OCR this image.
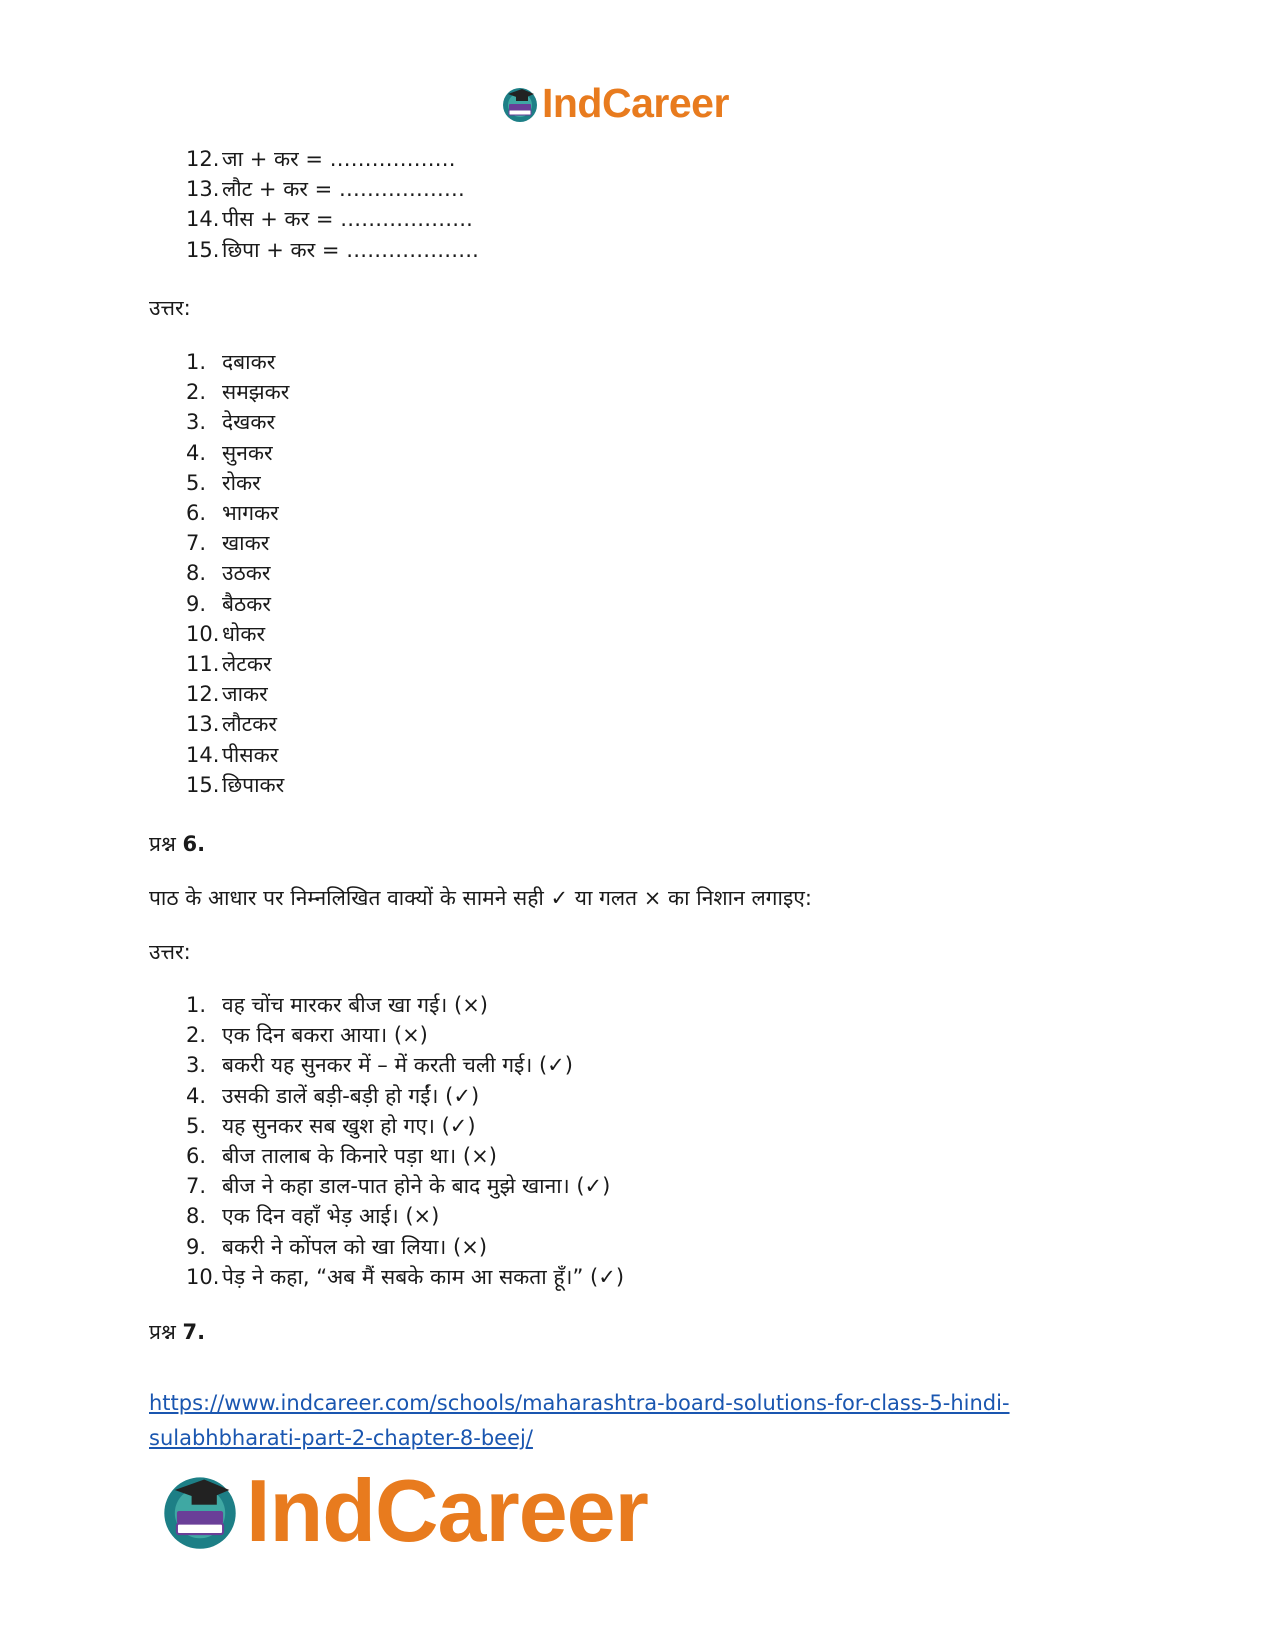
IndCareer
12. जा + कर = ………………
13. लौट + कर = ………………
14. पीस + कर = ……………….
15. छिपा + कर = ……………….
उत्तर:
1. दबाकर
2. समझकर
3. देखकर
4. सुनकर
5. रोकर
6. भागकर
7. खाकर
8. उठकर
9. बैठकर
10. धोकर
11. लेटकर
12. जाकर
13. लौटकर
14. पीसकर
15. छिपाकर
प्रश्न 6.
पाठ के आधार पर निम्नलिखित वाक्यों के सामने सही ✓ या गलत × का निशान लगाइए:
उत्तर:
1. वह चोंच मारकर बीज खा गई। (×)
2. एक दिन बकरा आया। (×)
3. बकरी यह सुनकर में – में करती चली गई। (✓)
4. उसकी डालें बड़ी-बड़ी हो गईं। (✓)
5. यह सुनकर सब खुश हो गए। (✓)
6. बीज तालाब के किनारे पड़ा था। (×)
7. बीज ने कहा डाल-पात होने के बाद मुझे खाना। (✓)
8. एक दिन वहाँ भेड़ आई। (×)
9. बकरी ने कोंपल को खा लिया। (×)
10. पेड़ ने कहा, “अब मैं सबके काम आ सकता हूँ।” (✓)
प्रश्न 7.
https://www.indcareer.com/schools/maharashtra-board-solutions-for-class-5-hindi-sulabhbharati-part-2-chapter-8-beej/
IndCareer
